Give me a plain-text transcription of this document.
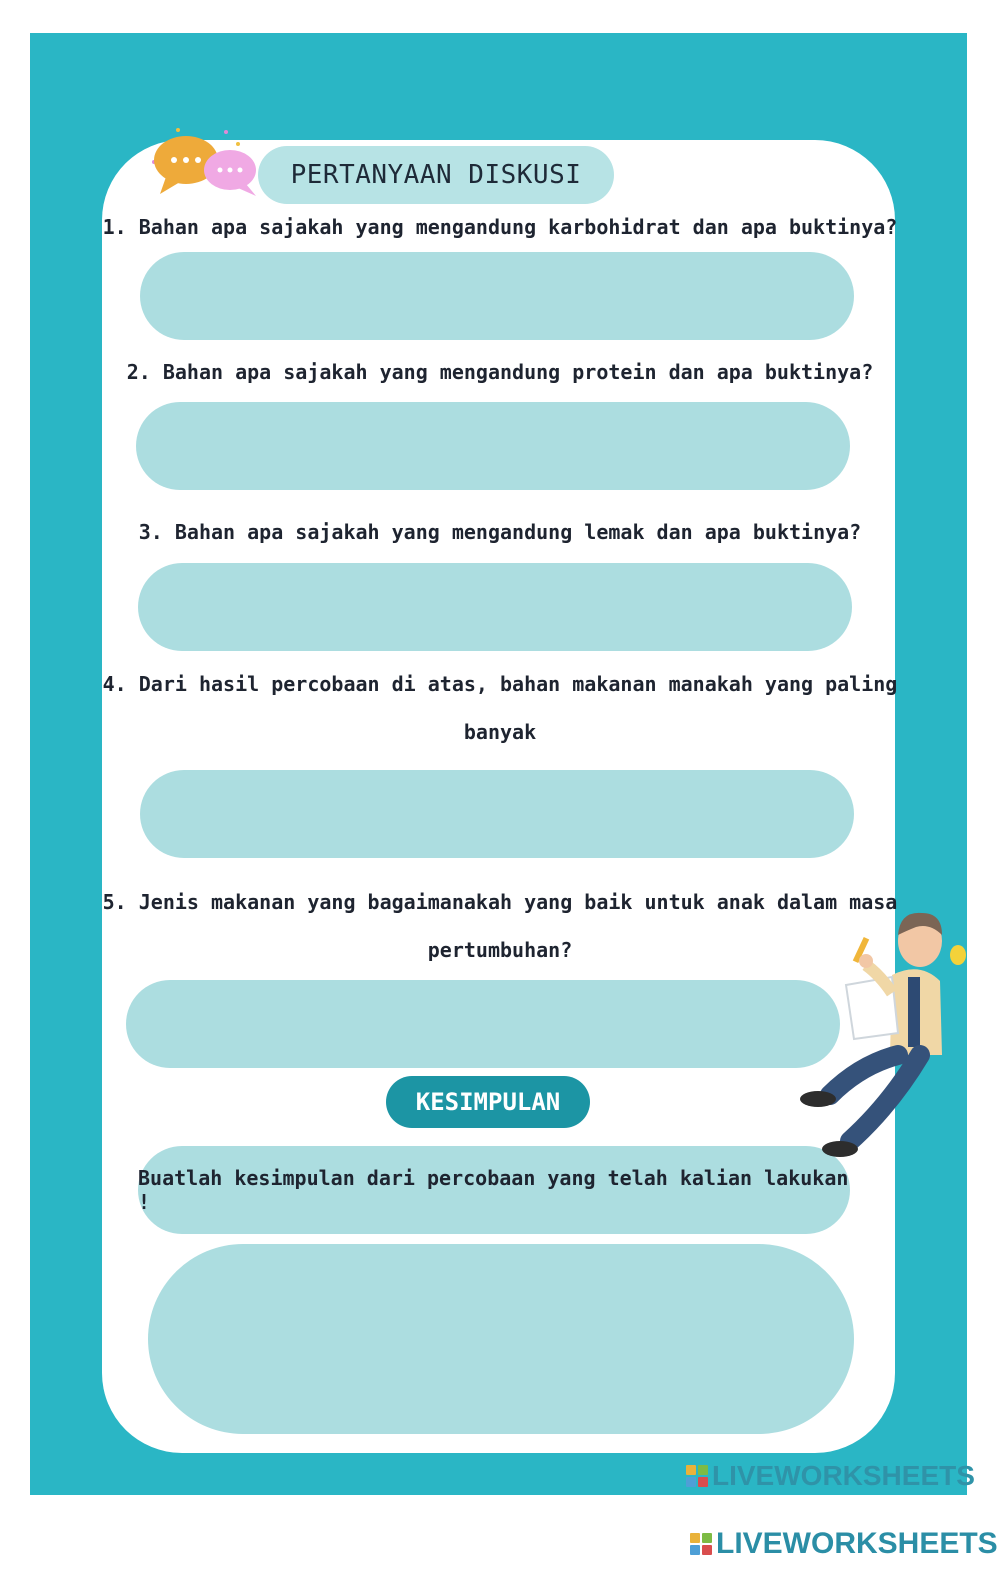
PERTANYAAN DISKUSI
1. Bahan apa sajakah yang mengandung karbohidrat dan apa buktinya?
2. Bahan apa sajakah yang mengandung protein dan apa buktinya?
3. Bahan apa sajakah yang mengandung lemak dan apa buktinya?
4. Dari hasil percobaan di atas, bahan makanan manakah yang paling banyak
5. Jenis makanan yang bagaimanakah yang baik untuk anak dalam masa
pertumbuhan?
KESIMPULAN
Buatlah kesimpulan dari percobaan yang telah kalian lakukan !
LIVEWORKSHEETS
LIVEWORKSHEETS
